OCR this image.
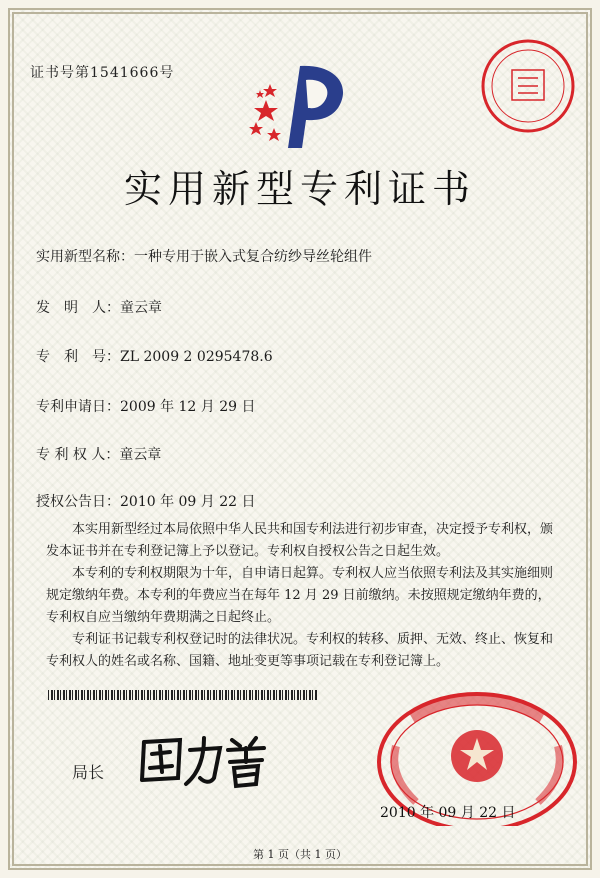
证书号第1541666号
实用新型专利证书
实用新型名称：一种专用于嵌入式复合纺纱导丝轮组件
发　明　人：童云章
专　利　号：ZL 2009 2 0295478.6
专利申请日：2009 年 12 月 29 日
专 利 权 人：童云章
授权公告日：2010 年 09 月 22 日

本实用新型经过本局依照中华人民共和国专利法进行初步审查，决定授予专利权，颁发本证书并在专利登记簿上予以登记。专利权自授权公告之日起生效。

本专利的专利权期限为十年，自申请日起算。专利权人应当依照专利法及其实施细则规定缴纳年费。本专利的年费应当在每年 12 月 29 日前缴纳。未按照规定缴纳年费的，专利权自应当缴纳年费期满之日起终止。

专利证书记载专利权登记时的法律状况。专利权的转移、质押、无效、终止、恢复和专利权人的姓名或名称、国籍、地址变更等事项记载在专利登记簿上。

局长
2010 年 09 月 22 日
第 1 页（共 1 页）
